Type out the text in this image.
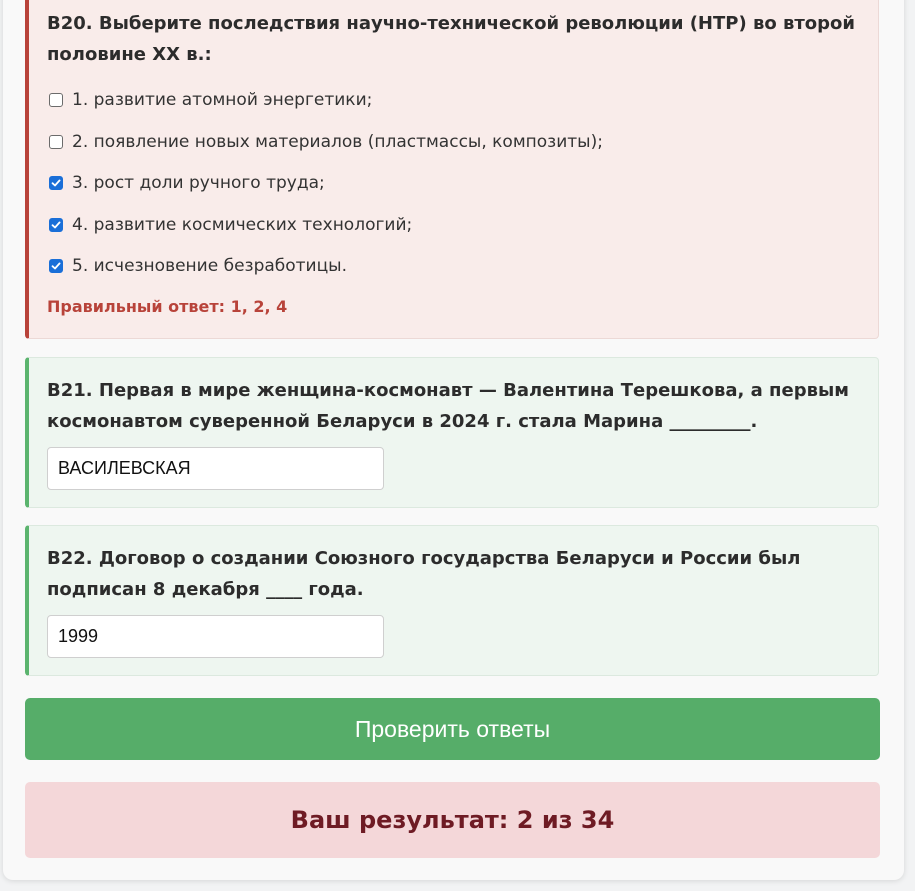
B20. Выберите последствия научно-технической революции (НТР) во второй половине XX в.:
1. развитие атомной энергетики;
2. появление новых материалов (пластмассы, композиты);
3. рост доли ручного труда;
4. развитие космических технологий;
5. исчезновение безработицы.
Правильный ответ: 1, 2, 4
B21. Первая в мире женщина-космонавт — Валентина Терешкова, а первым космонавтом суверенной Беларуси в 2024 г. стала Марина _________.
ВАСИЛЕВСКАЯ
B22. Договор о создании Союзного государства Беларуси и России был подписан 8 декабря ____ года.
1999
Проверить ответы
Ваш результат: 2 из 34
